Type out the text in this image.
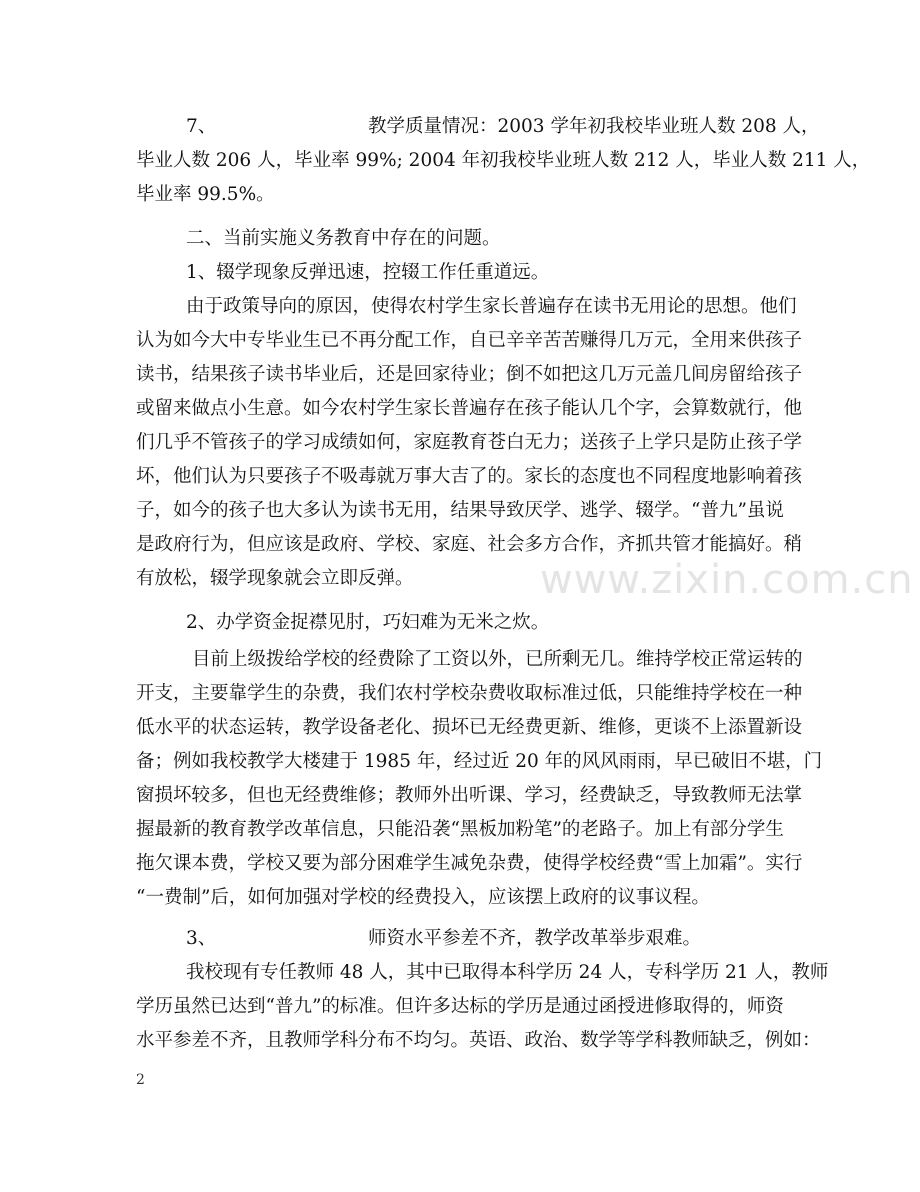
www.zixin.com.cn
7、	教学质量情况：2003 学年初我校毕业班人数 208 人，
毕业人数 206 人，毕业率 99%; 2004 年初我校毕业班人数 212 人，毕业人数 211 人，
毕业率 99.5%。
二、当前实施义务教育中存在的问题。
1、辍学现象反弹迅速，控辍工作任重道远。
由于政策导向的原因，使得农村学生家长普遍存在读书无用论的思想。他们
认为如今大中专毕业生已不再分配工作，自已辛辛苦苦赚得几万元，全用来供孩子
读书，结果孩子读书毕业后，还是回家待业；倒不如把这几万元盖几间房留给孩子
或留来做点小生意。如今农村学生家长普遍存在孩子能认几个字，会算数就行，他
们几乎不管孩子的学习成绩如何，家庭教育苍白无力；送孩子上学只是防止孩子学
坏，他们认为只要孩子不吸毒就万事大吉了的。家长的态度也不同程度地影响着孩
子，如今的孩子也大多认为读书无用，结果导致厌学、逃学、辍学。“普九”虽说
是政府行为，但应该是政府、学校、家庭、社会多方合作，齐抓共管才能搞好。稍
有放松，辍学现象就会立即反弹。
2、办学资金捉襟见肘，巧妇难为无米之炊。
目前上级拨给学校的经费除了工资以外，已所剩无几。维持学校正常运转的
开支，主要靠学生的杂费，我们农村学校杂费收取标准过低，只能维持学校在一种
低水平的状态运转，教学设备老化、损坏已无经费更新、维修，更谈不上添置新设
备；例如我校教学大楼建于 1985 年，经过近 20 年的风风雨雨，早已破旧不堪，门
窗损坏较多，但也无经费维修；教师外出听课、学习，经费缺乏，导致教师无法掌
握最新的教育教学改革信息，只能沿袭“黑板加粉笔”的老路子。加上有部分学生
拖欠课本费，学校又要为部分困难学生减免杂费，使得学校经费“雪上加霜”。实行
“一费制”后，如何加强对学校的经费投入，应该摆上政府的议事议程。
3、	师资水平参差不齐，教学改革举步艰难。
我校现有专任教师 48 人，其中已取得本科学历 24 人，专科学历 21 人，教师
学历虽然已达到“普九”的标准。但许多达标的学历是通过函授进修取得的，师资
水平参差不齐，且教师学科分布不均匀。英语、政治、数学等学科教师缺乏，例如：
2
